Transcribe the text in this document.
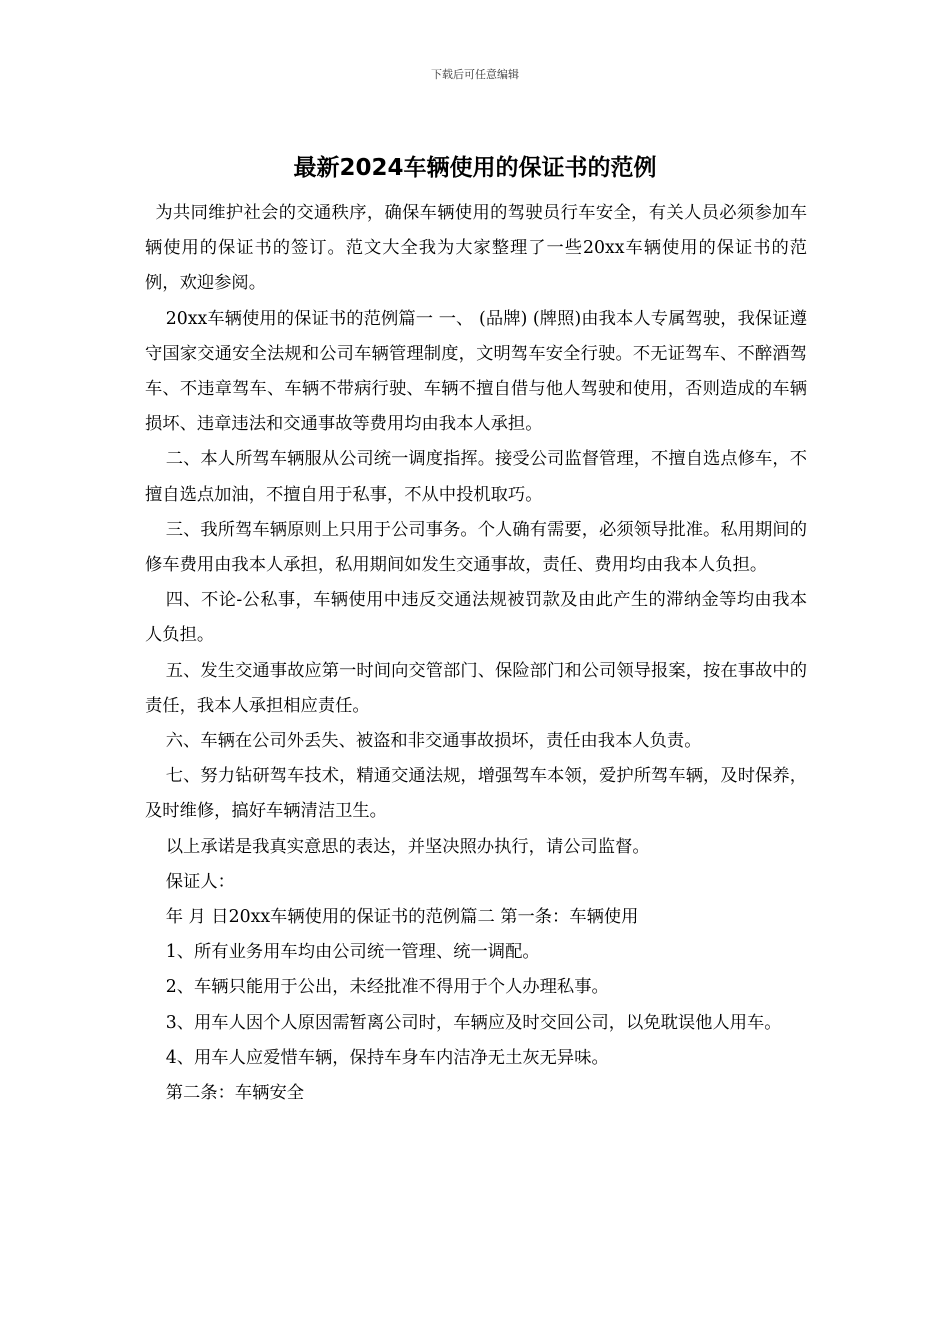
下载后可任意编辑
最新2024车辆使用的保证书的范例

为共同维护社会的交通秩序，确保车辆使用的驾驶员行车安全，有关人员必须参加车辆使用的保证书的签订。范文大全我为大家整理了一些20xx车辆使用的保证书的范例，欢迎参阅。

20xx车辆使用的保证书的范例篇一 一、 (品牌) (牌照)由我本人专属驾驶，我保证遵守国家交通安全法规和公司车辆管理制度，文明驾车安全行驶。不无证驾车、不醉酒驾车、不违章驾车、车辆不带病行驶、车辆不擅自借与他人驾驶和使用，否则造成的车辆损坏、违章违法和交通事故等费用均由我本人承担。

二、本人所驾车辆服从公司统一调度指挥。接受公司监督管理，不擅自选点修车，不擅自选点加油，不擅自用于私事，不从中投机取巧。

三、我所驾车辆原则上只用于公司事务。个人确有需要，必须领导批准。私用期间的修车费用由我本人承担，私用期间如发生交通事故，责任、费用均由我本人负担。

四、不论-公私事，车辆使用中违反交通法规被罚款及由此产生的滞纳金等均由我本人负担。

五、发生交通事故应第一时间向交管部门、保险部门和公司领导报案，按在事故中的责任，我本人承担相应责任。

六、车辆在公司外丢失、被盗和非交通事故损坏，责任由我本人负责。

七、努力钻研驾车技术，精通交通法规，增强驾车本领，爱护所驾车辆，及时保养，及时维修，搞好车辆清洁卫生。

以上承诺是我真实意思的表达，并坚决照办执行，请公司监督。

保证人：

年 月 日20xx车辆使用的保证书的范例篇二 第一条：车辆使用

1、所有业务用车均由公司统一管理、统一调配。

2、车辆只能用于公出，未经批准不得用于个人办理私事。

3、用车人因个人原因需暂离公司时，车辆应及时交回公司，以免耽误他人用车。

4、用车人应爱惜车辆，保持车身车内洁净无土灰无异味。

第二条：车辆安全
